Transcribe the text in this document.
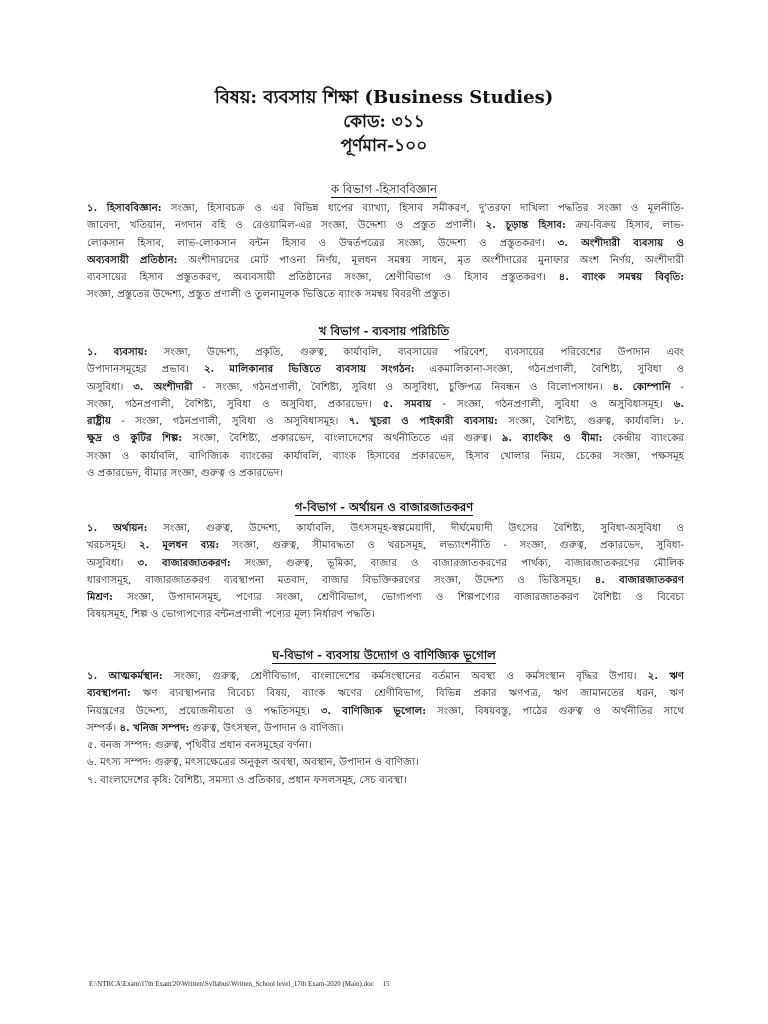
বিষয়: ব্যবসায় শিক্ষা (Business Studies)
কোড: ৩১১
পূর্ণমান-১০০
ক বিভাগ -হিসাববিজ্ঞান
১. হিসাববিজ্ঞান: সংজ্ঞা, হিসাবচক্র ও এর বিভিন্ন ধাপের ব্যাখ্যা, হিসাব সমীকরণ, দু'তরফা দাখিলা পদ্ধতির সংজ্ঞা ও মূলনীতি-
জাবেদা, খতিয়ান, নগদান বহি ও রেওয়ামিল-এর সংজ্ঞা, উদ্দেশ্য ও প্রস্তুত প্রণালী। ২. চূড়ান্ত হিসাব: ক্রয়-বিক্রয় হিসাব, লাভ-
লোকসান হিসাব, লাভ-লোকসান বন্টন হিসাব ও উদ্বর্তপত্রের সংজ্ঞা, উদ্দেশ্য ও প্রস্তুতকরণ। ৩. অংশীদারী ব্যবসায় ও
অব্যবসায়ী প্রতিষ্ঠান: অংশীদারদের মোট পাওনা নির্ণয়, মূলধন সমন্বয় সাধন, মৃত অংশীদারের মুনাফার অংশ নির্ণয়, অংশীদারী
ব্যবসায়ের হিসাব প্রস্তুতকরণ, অব্যবসায়ী প্রতিষ্ঠানের সংজ্ঞা, শ্রেণীবিভাগ ও হিসাব প্রস্তুতকরণ। ৪. ব্যাংক সমন্বয় বিবৃতি:
সংজ্ঞা, প্রস্তুতের উদ্দেশ্য, প্রস্তুত প্রণালী ও তুলনামূলক ভিত্তিতে ব্যাংক সমন্বয় বিবরণী প্রস্তুত।
খ বিভাগ - ব্যবসায় পরিচিতি
১. ব্যবসায়: সংজ্ঞা, উদ্দেশ্য, প্রকৃতি, গুরুত্ব, কার্যাবলি, ব্যবসায়ের পরিবেশ, ব্যবসায়ের পরিবেশের উপাদান এবং
উপাদানসমূহের প্রভাব। ২. মালিকানার ভিত্তিতে ব্যবসায় সংগঠন: একমালিকানা-সংজ্ঞা, গঠনপ্রণালী, বৈশিষ্ট্য, সুবিধা ও
অসুবিধা। ৩. অংশীদারী - সংজ্ঞা, গঠনপ্রণালী, বৈশিষ্ট্য, সুবিধা ও অসুবিধা, চুক্তিপত্র নিবন্ধন ও বিলোপসাধন। ৪. কোম্পানি -
সংজ্ঞা, গঠনপ্রণালী, বৈশিষ্ট্য, সুবিধা ও অসুবিধা, প্রকারভেদ। ৫. সমবায় - সংজ্ঞা, গঠনপ্রণালী, সুবিধা ও অসুবিধাসমূহ। ৬.
রাষ্ট্রীয় - সংজ্ঞা, গঠনপ্রণালী, সুবিধা ও অসুবিধাসমূহ। ৭. খুচরা ও পাইকারী ব্যবসায়: সংজ্ঞা, বৈশিষ্ট্য, গুরুত্ব, কার্যাবলি। ৮.
ক্ষুদ্র ও কুটির শিল্প: সংজ্ঞা, বৈশিষ্ট্য, প্রকারভেদ, বাংলাদেশের অর্থনীতিতে এর গুরুত্ব। ৯. ব্যাংকিং ও বীমা: কেন্দ্রীয় ব্যাংকের
সংজ্ঞা ও কার্যাবলি, বাণিজ্যিক ব্যাংকের কার্যাবলি, ব্যাংক হিসাবের প্রকারভেদ, হিসাব খোলার নিয়ম, চেকের সংজ্ঞা, পক্ষসমূহ
ও প্রকারভেদ, বীমার সংজ্ঞা, গুরুত্ব ও প্রকারভেদ।
গ-বিভাগ - অর্থায়ন ও বাজারজাতকরণ
১. অর্থায়ন: সংজ্ঞা, গুরুত্ব, উদ্দেশ্য, কার্যাবলি, উৎসসমূহ-স্বল্পমেয়াদী, দীর্ঘমেয়াদী উৎসের বৈশিষ্ট্য, সুবিধা-অসুবিধা ও
খরচসমূহ। ২. মূলধন ব্যয়: সংজ্ঞা, গুরুত্ব, সীমাবদ্ধতা ও খরচসমূহ, লভ্যাংশনীতি - সংজ্ঞা, গুরুত্ব, প্রকারভেদ, সুবিধা-
অসুবিধা। ৩. বাজারজাতকরণ: সংজ্ঞা, গুরুত্ব, ভূমিকা, বাজার ও বাজারজাতকরণের পার্থক্য, বাজারজাতকরণের মৌলিক
ধারণাসমূহ, বাজারজাতকরণ ব্যবস্থাপনা মতবাদ, বাজার বিভক্তিকরণের সংজ্ঞা, উদ্দেশ্য ও ভিত্তিসমূহ। ৪. বাজারজাতকরণ
মিশ্রণ: সংজ্ঞা, উপাদানসমূহ, পণ্যের সংজ্ঞা, শ্রেণীবিভাগ, ভোগ্যপণ্য ও শিল্পপণ্যের বাজারজাতকরণ বৈশিষ্ট্য ও বিবেচ্য
বিষয়সমূহ, শিল্প ও ভোগ্যপণ্যের বন্টনপ্রণালী পণ্যের মূল্য নির্ধারণ পদ্ধতি।
ঘ-বিভাগ - ব্যবসায় উদ্যোগ ও বাণিজ্যিক ভূগোল
১. আত্মকর্মস্থান: সংজ্ঞা, গুরুত্ব, শ্রেণীবিভাগ, বাংলাদেশের কর্মসংস্থানের বর্তমান অবস্থা ও কর্মসংস্থান বৃদ্ধির উপায়। ২. ঋণ
ব্যবস্থাপনা: ঋণ ব্যবস্থাপনার বিবেচ্য বিষয়, ব্যাংক ঋণের শ্রেণীবিভাগ, বিভিন্ন প্রকার ঋণপত্র, ঋণ জামানতের ধরন, ঋণ
নিয়ন্ত্রণের উদ্দেশ্য, প্রয়োজনীয়তা ও পদ্ধতিসমূহ। ৩. বাণিজ্যিক ভূগোল: সংজ্ঞা, বিষয়বস্তু, পাঠের গুরুত্ব ও অর্থনীতির সাথে
সম্পর্ক। ৪. খনিজ সম্পদ: গুরুত্ব, উৎসস্থল, উপাদান ও বাণিজ্য।
৫. বনজ সম্পদ: গুরুত্ব, পৃথিবীর প্রধান বনসমূহের বর্ণনা।
৬. মৎস্য সম্পদ: গুরুত্ব, মৎস্যক্ষেত্রের অনুকূল অবস্থা, অবস্থান, উপাদান ও বাণিজ্য।
৭. বাংলাদেশের কৃষি: বৈশিষ্ট্য, সমস্যা ও প্রতিকার, প্রধান ফসলসমূহ, সেচ ব্যবস্থা।
E:\NTRCA\Exam\17th Exam'20\Written\Syllabus\Written_School level_17th Exam-2020 (Main).doc 15
